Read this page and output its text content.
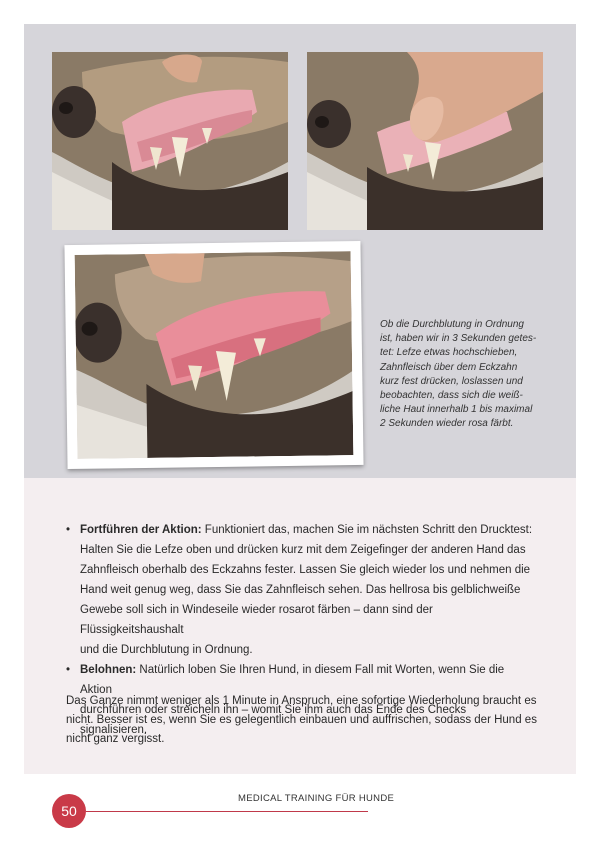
Ob die Durchblutung in Ordnung
ist, haben wir in 3 Sekunden getes-
tet: Lefze etwas hochschieben,
Zahnfleisch über dem Eckzahn
kurz fest drücken, loslassen und
beobachten, dass sich die weiß-
liche Haut innerhalb 1 bis maximal
2 Sekunden wieder rosa färbt.

• Fortführen der Aktion: Funktioniert das, machen Sie im nächsten Schritt den Drucktest:
Halten Sie die Lefze oben und drücken kurz mit dem Zeigefinger der anderen Hand das
Zahnfleisch oberhalb des Eckzahns fester. Lassen Sie gleich wieder los und nehmen die
Hand weit genug weg, dass Sie das Zahnfleisch sehen. Das hellrosa bis gelblichweiße
Gewebe soll sich in Windeseile wieder rosarot färben – dann sind der Flüssigkeitshaushalt
und die Durchblutung in Ordnung.
• Belohnen: Natürlich loben Sie Ihren Hund, in diesem Fall mit Worten, wenn Sie die Aktion
durchführen oder streicheln ihn – womit Sie ihm auch das Ende des Checks signalisieren.

Das Ganze nimmt weniger als 1 Minute in Anspruch, eine sofortige Wiederholung braucht es
nicht. Besser ist es, wenn Sie es gelegentlich einbauen und auffrischen, sodass der Hund es
nicht ganz vergisst.

50
MEDICAL TRAINING FÜR HUNDE
